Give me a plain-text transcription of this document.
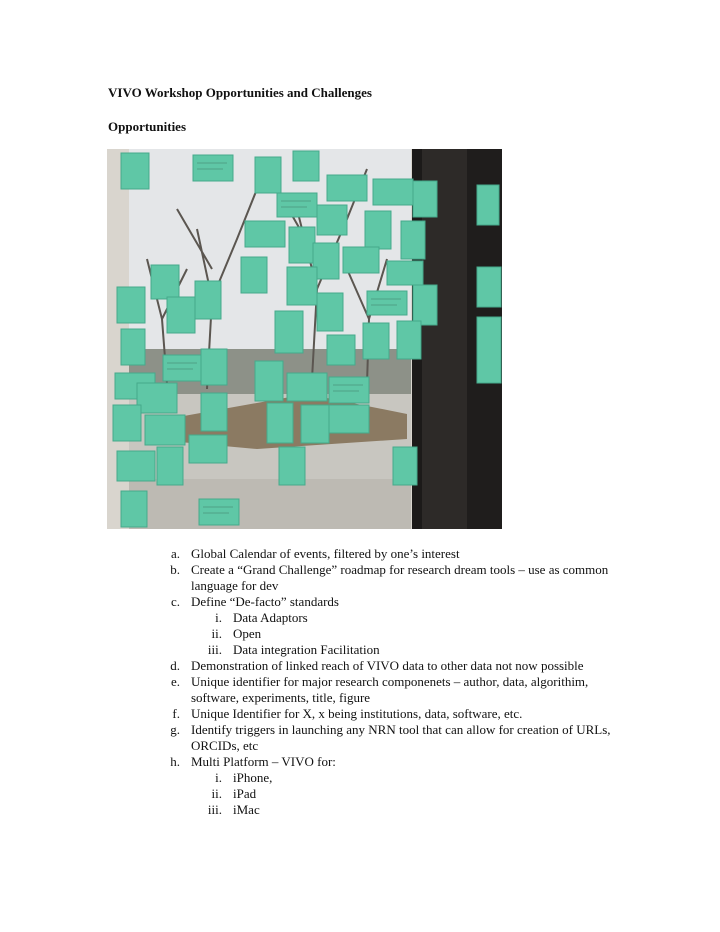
VIVO Workshop Opportunities and Challenges
Opportunities
a. Global Calendar of events, filtered by one’s interest
b. Create a “Grand Challenge” roadmap for research dream tools – use as common language for dev
c. Define “De-facto” standards
i. Data Adaptors
ii. Open
iii. Data integration Facilitation
d. Demonstration of linked reach of VIVO data to other data not now possible
e. Unique identifier for major research componenets – author, data, algorithim, software, experiments, title, figure
f. Unique Identifier for X, x being institutions, data, software, etc.
g. Identify triggers in launching any NRN tool that can allow for creation of URLs, ORCIDs, etc
h. Multi Platform – VIVO for:
i. iPhone,
ii. iPad
iii. iMac
